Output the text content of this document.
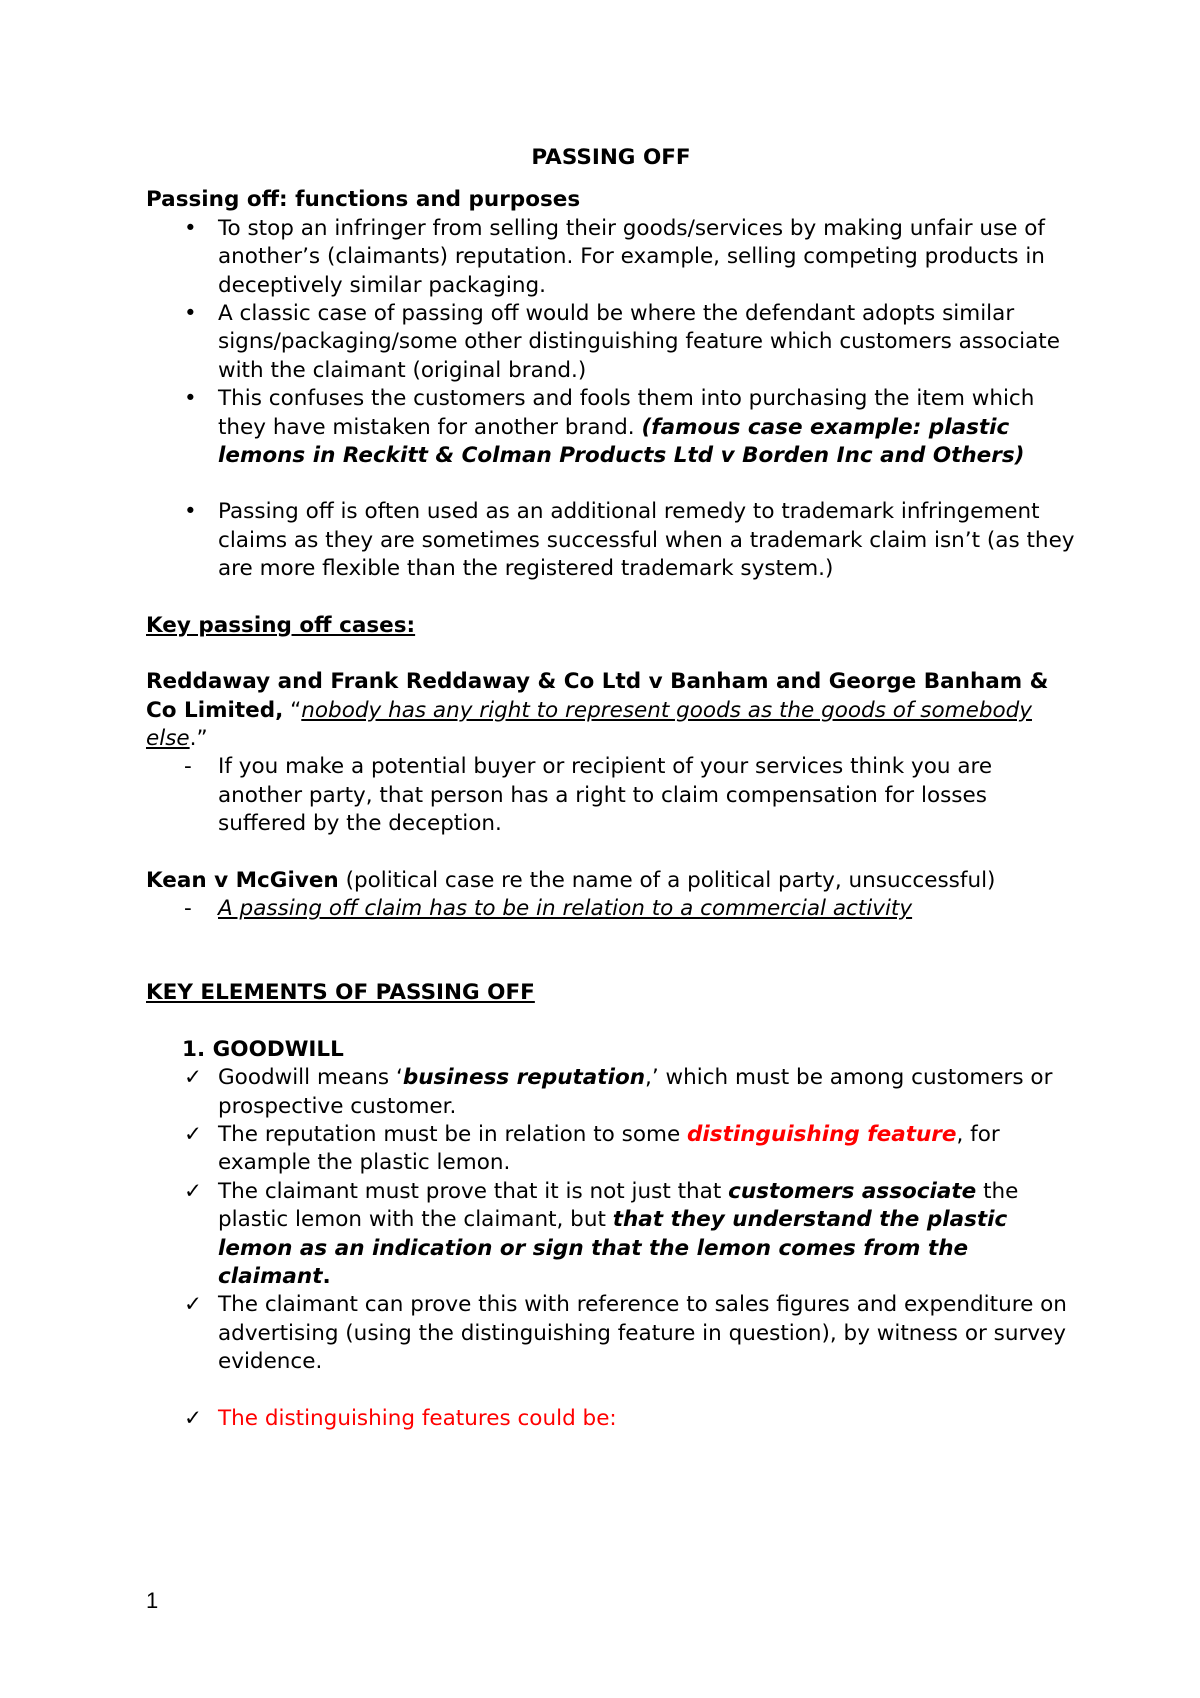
PASSING OFF

Passing off: functions and purposes

• To stop an infringer from selling their goods/services by making unfair use of another’s (claimants) reputation. For example, selling competing products in deceptively similar packaging.
• A classic case of passing off would be where the defendant adopts similar signs/packaging/some other distinguishing feature which customers associate with the claimant (original brand.)
• This confuses the customers and fools them into purchasing the item which they have mistaken for another brand. (famous case example: plastic lemons in Reckitt & Colman Products Ltd v Borden Inc and Others)
• Passing off is often used as an additional remedy to trademark infringement claims as they are sometimes successful when a trademark claim isn’t (as they are more flexible than the registered trademark system.)

Key passing off cases:

Reddaway and Frank Reddaway & Co Ltd v Banham and George Banham & Co Limited, “nobody has any right to represent goods as the goods of somebody else.”

-	If you make a potential buyer or recipient of your services think you are another party, that person has a right to claim compensation for losses suffered by the deception.

Kean v McGiven (political case re the name of a political party, unsuccessful)

-	A passing off claim has to be in relation to a commercial activity

KEY ELEMENTS OF PASSING OFF

1. GOODWILL

✓ Goodwill means ‘business reputation,’ which must be among customers or prospective customer.
✓ The reputation must be in relation to some distinguishing feature, for example the plastic lemon.
✓ The claimant must prove that it is not just that customers associate the plastic lemon with the claimant, but that they understand the plastic lemon as an indication or sign that the lemon comes from the claimant.
✓ The claimant can prove this with reference to sales figures and expenditure on advertising (using the distinguishing feature in question), by witness or survey evidence.
✓ The distinguishing features could be:
1
